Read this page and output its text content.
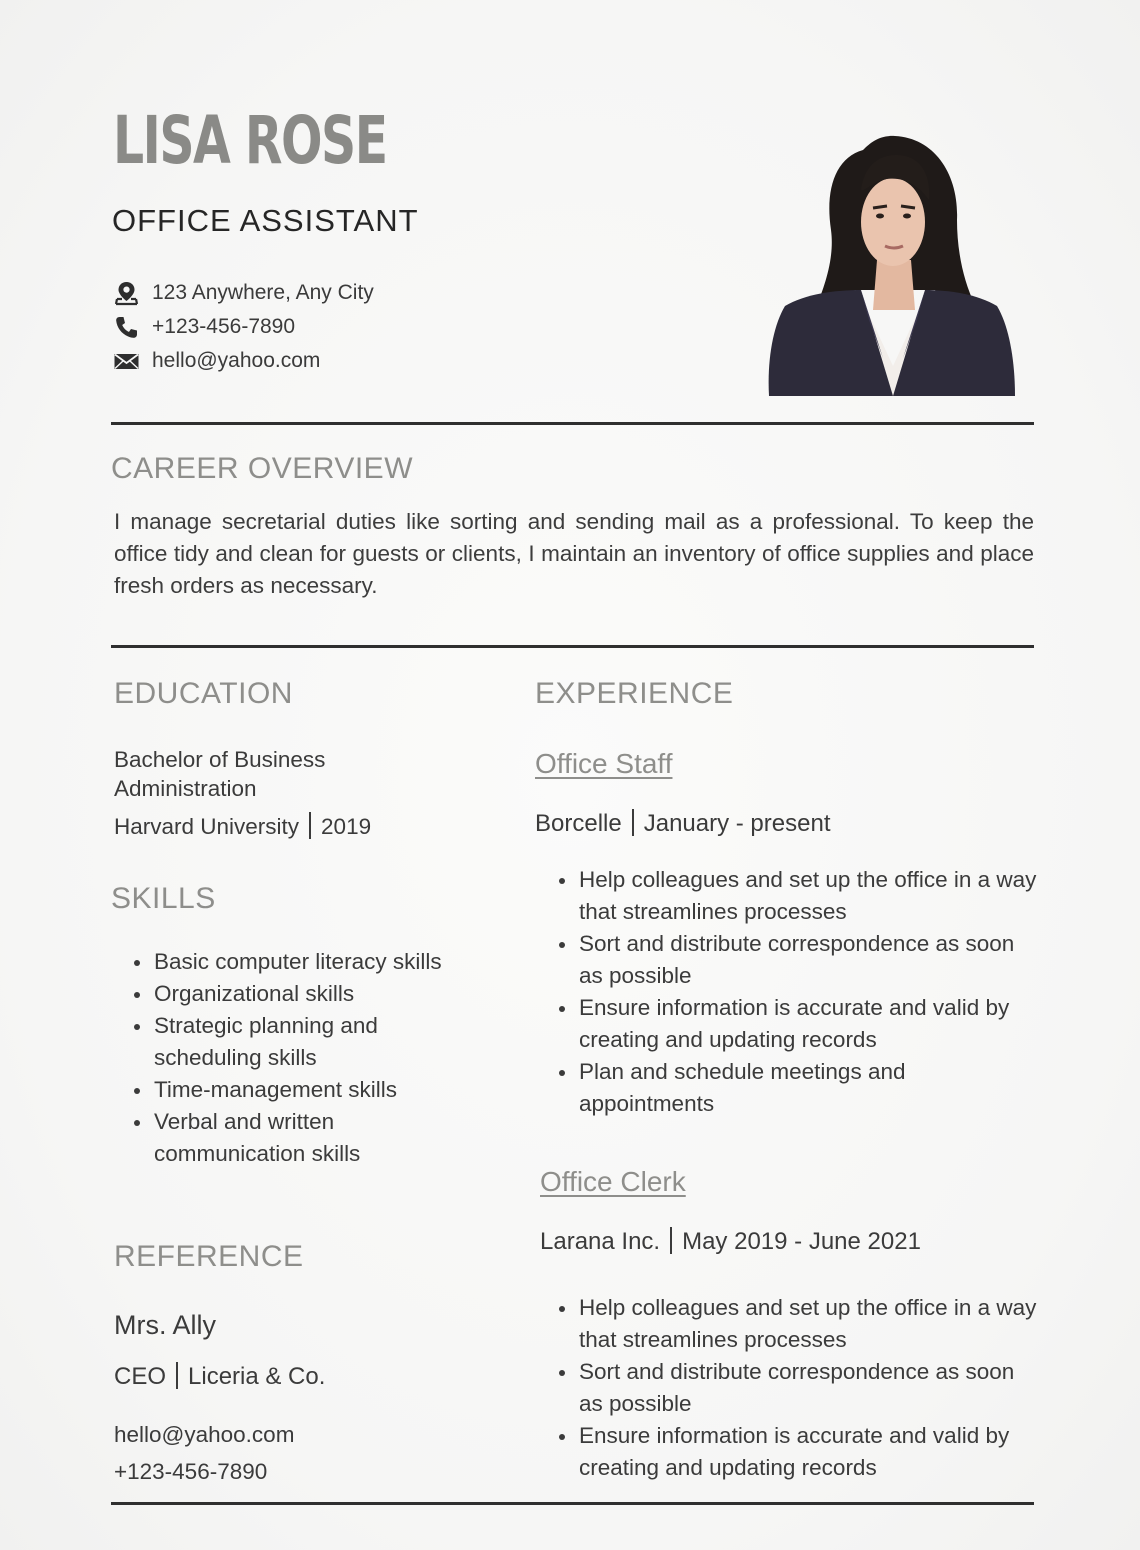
LISA ROSE
OFFICE ASSISTANT
123 Anywhere, Any City
+123-456-7890
hello@yahoo.com
CAREER OVERVIEW
I manage secretarial duties like sorting and sending mail as a professional. To keep the office tidy and clean for guests or clients, I maintain an inventory of office supplies and place fresh orders as necessary.
EDUCATION
Bachelor of Business
Administration
Harvard University 2019
SKILLS
Basic computer literacy skills
Organizational skills
Strategic planning and scheduling skills
Time-management skills
Verbal and written communication skills
REFERENCE
Mrs. Ally
CEO Liceria & Co.
hello@yahoo.com
+123-456-7890
EXPERIENCE
Office Staff
Borcelle January - present
Help colleagues and set up the office in a way that streamlines processes
Sort and distribute correspondence as soon as possible
Ensure information is accurate and valid by creating and updating records
Plan and schedule meetings and appointments
Office Clerk
Larana Inc. May 2019 - June 2021
Help colleagues and set up the office in a way that streamlines processes
Sort and distribute correspondence as soon as possible
Ensure information is accurate and valid by creating and updating records
